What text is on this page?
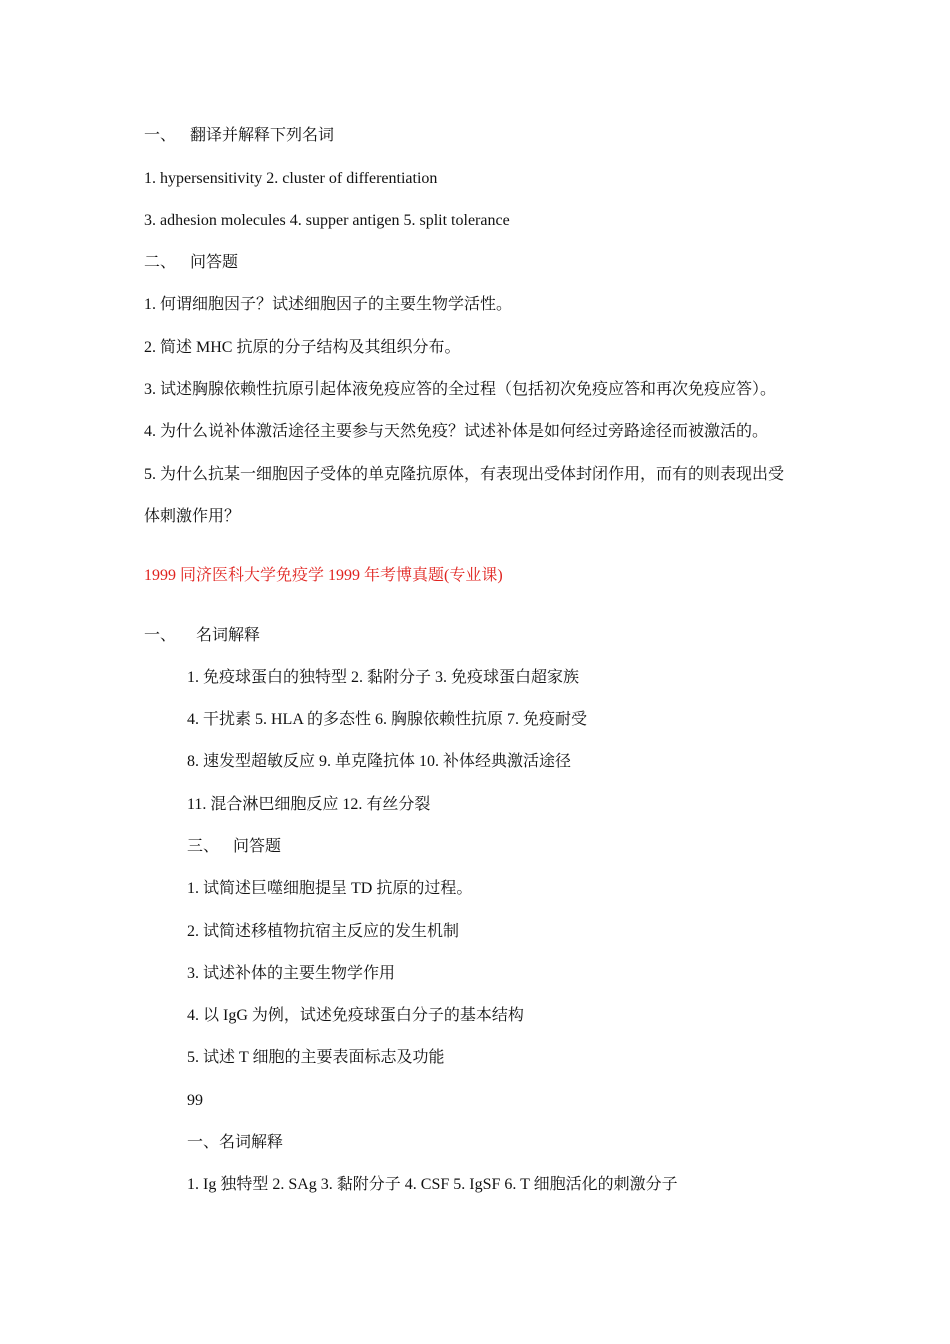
一、 翻译并解释下列名词
1. hypersensitivity 2. cluster of differentiation
3. adhesion molecules 4. supper antigen 5. split tolerance
二、 问答题
1. 何谓细胞因子？试述细胞因子的主要生物学活性。
2. 简述 MHC 抗原的分子结构及其组织分布。
3. 试述胸腺依赖性抗原引起体液免疫应答的全过程（包括初次免疫应答和再次免疫应答）。
4. 为什么说补体激活途径主要参与天然免疫？试述补体是如何经过旁路途径而被激活的。
5. 为什么抗某一细胞因子受体的单克隆抗原体，有表现出受体封闭作用，而有的则表现出受
体刺激作用？
1999 同济医科大学免疫学 1999 年考博真题(专业课)
一、 名词解释
1. 免疫球蛋白的独特型 2. 黏附分子 3. 免疫球蛋白超家族
4. 干扰素 5. HLA 的多态性 6. 胸腺依赖性抗原 7. 免疫耐受
8. 速发型超敏反应 9. 单克隆抗体 10. 补体经典激活途径
11. 混合淋巴细胞反应 12. 有丝分裂
三、 问答题
1. 试简述巨噬细胞提呈 TD 抗原的过程。
2. 试简述移植物抗宿主反应的发生机制
3. 试述补体的主要生物学作用
4. 以 IgG 为例，试述免疫球蛋白分子的基本结构
5. 试述 T 细胞的主要表面标志及功能
99
一、名词解释
1. Ig 独特型 2. SAg 3. 黏附分子 4. CSF 5. IgSF 6. T 细胞活化的刺激分子
